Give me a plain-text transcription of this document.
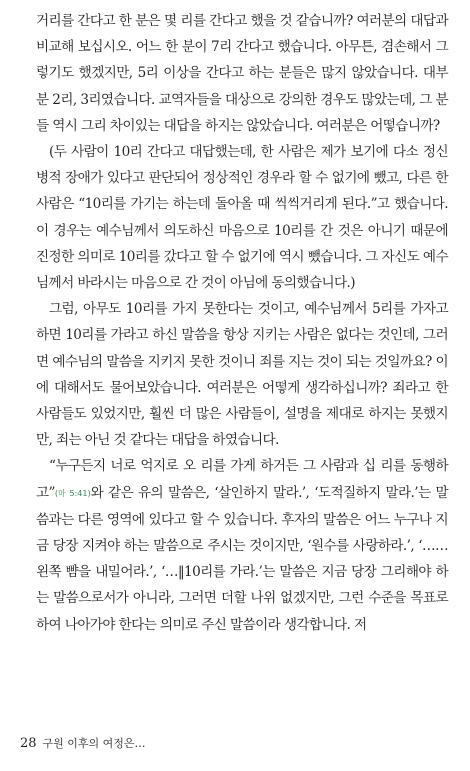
거리를 간다고 한 분은 몇 리를 간다고 했을 것 같습니까? 여러분의 대답과 비교해 보십시오. 어느 한 분이 7리 간다고 했습니다. 아무튼, 겸손해서 그렇기도 했겠지만, 5리 이상을 간다고 하는 분들은 많지 않았습니다. 대부분 2리, 3리였습니다. 교역자들을 대상으로 강의한 경우도 많았는데, 그 분들 역시 그리 차이있는 대답을 하지는 않았습니다. 여러분은 어떻습니까?

(두 사람이 10리 간다고 대답했는데, 한 사람은 제가 보기에 다소 정신병적 장애가 있다고 판단되어 정상적인 경우라 할 수 없기에 뺐고, 다른 한 사람은 “10리를 가기는 하는데 돌아올 때 씩씩거리게 된다.”고 했습니다. 이 경우는 예수님께서 의도하신 마음으로 10리를 간 것은 아니기 때문에 진정한 의미로 10리를 갔다고 할 수 없기에 역시 뺐습니다. 그 자신도 예수님께서 바라시는 마음으로 간 것이 아님에 동의했습니다.)

그럼, 아무도 10리를 가지 못한다는 것이고, 예수님께서 5리를 가자고 하면 10리를 가라고 하신 말씀을 항상 지키는 사람은 없다는 것인데, 그러면 예수님의 말씀을 지키지 못한 것이니 죄를 지는 것이 되는 것일까요? 이에 대해서도 물어보았습니다. 여러분은 어떻게 생각하십니까? 죄라고 한 사람들도 있었지만, 훨씬 더 많은 사람들이, 설명을 제대로 하지는 못했지만, 죄는 아닌 것 같다는 대답을 하였습니다.

“누구든지 너로 억지로 오 리를 가게 하거든 그 사람과 십 리를 동행하고”(마 5:41)와 같은 유의 말씀은, ‘살인하지 말라.’, ‘도적질하지 말라.’는 말씀과는 다른 영역에 있다고 할 수 있습니다. 후자의 말씀은 어느 누구나 지금 당장 지켜야 하는 말씀으로 주시는 것이지만, ‘원수를 사랑하라.’, ‘……왼쪽 뺨을 내밀어라.’, ‘…‖10리를 가라.’는 말씀은 지금 당장 그리해야 하는 말씀으로서가 아니라, 그러면 더할 나위 없겠지만, 그런 수준을 목표로 하여 나아가야 한다는 의미로 주신 말씀이라 생각합니다. 저

28 구원 이후의 여정은…
